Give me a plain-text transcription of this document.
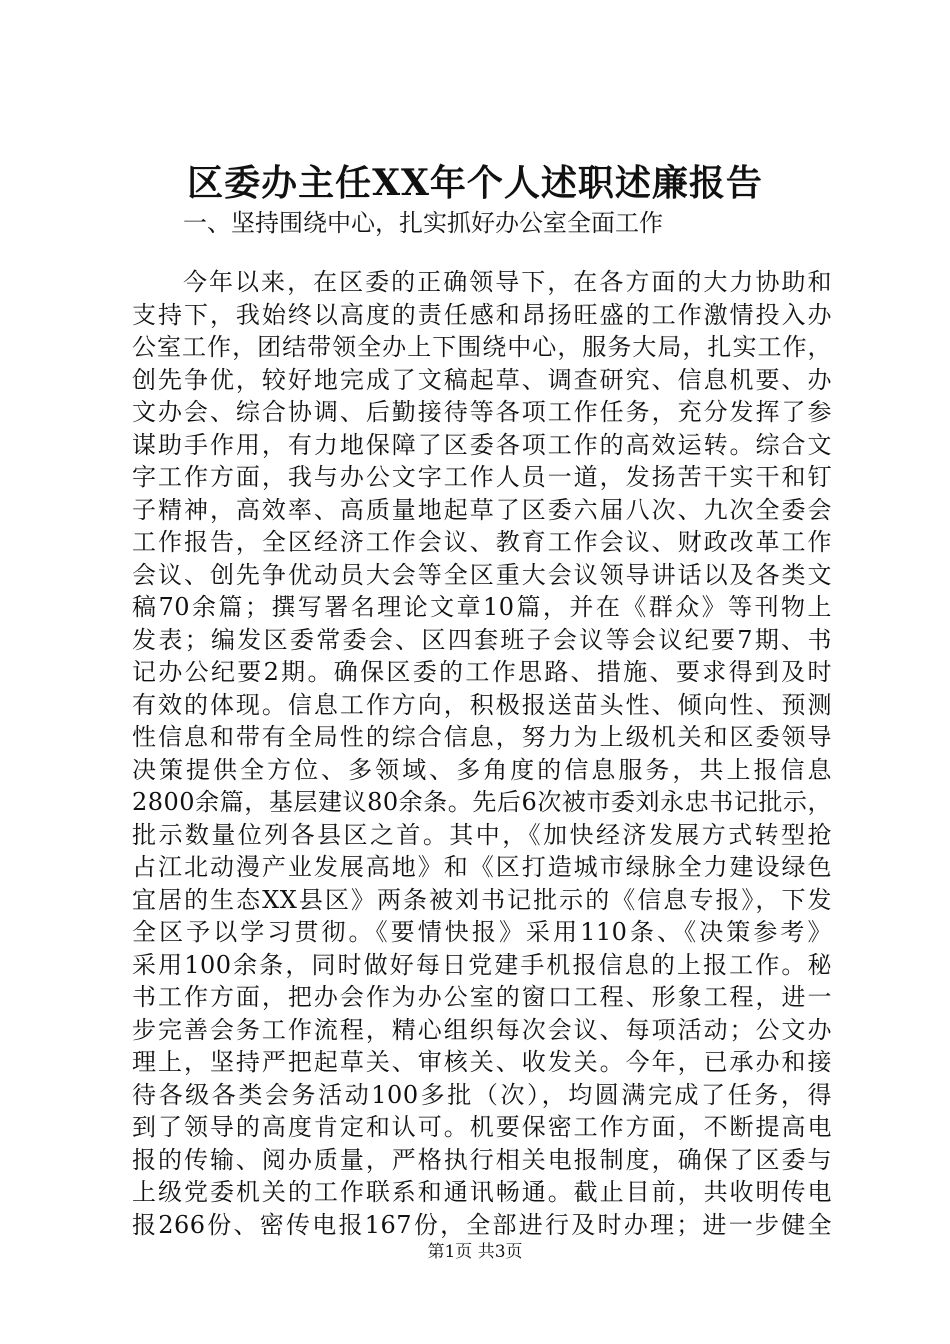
区委办主任XX年个人述职述廉报告

一、坚持围绕中心，扎实抓好办公室全面工作

今年以来，在区委的正确领导下，在各方面的大力协助和
支持下，我始终以高度的责任感和昂扬旺盛的工作激情投入办
公室工作，团结带领全办上下围绕中心，服务大局，扎实工作，
创先争优，较好地完成了文稿起草、调查研究、信息机要、办
文办会、综合协调、后勤接待等各项工作任务，充分发挥了参
谋助手作用，有力地保障了区委各项工作的高效运转。综合文
字工作方面，我与办公文字工作人员一道，发扬苦干实干和钉
子精神，高效率、高质量地起草了区委六届八次、九次全委会
工作报告，全区经济工作会议、教育工作会议、财政改革工作
会议、创先争优动员大会等全区重大会议领导讲话以及各类文
稿70余篇；撰写署名理论文章10篇，并在《群众》等刊物上
发表；编发区委常委会、区四套班子会议等会议纪要7期、书
记办公纪要2期。确保区委的工作思路、措施、要求得到及时
有效的体现。信息工作方向，积极报送苗头性、倾向性、预测
性信息和带有全局性的综合信息，努力为上级机关和区委领导
决策提供全方位、多领域、多角度的信息服务，共上报信息
2800余篇，基层建议80余条。先后6次被市委刘永忠书记批示，
批示数量位列各县区之首。其中，《加快经济发展方式转型抢
占江北动漫产业发展高地》和《区打造城市绿脉全力建设绿色
宜居的生态XX县区》两条被刘书记批示的《信息专报》，下发
全区予以学习贯彻。《要情快报》采用110条、《决策参考》
采用100余条，同时做好每日党建手机报信息的上报工作。秘
书工作方面，把办会作为办公室的窗口工程、形象工程，进一
步完善会务工作流程，精心组织每次会议、每项活动；公文办
理上，坚持严把起草关、审核关、收发关。今年，已承办和接
待各级各类会务活动100多批（次），均圆满完成了任务，得
到了领导的高度肯定和认可。机要保密工作方面，不断提高电
报的传输、阅办质量，严格执行相关电报制度，确保了区委与
上级党委机关的工作联系和通讯畅通。截止目前，共收明传电
报266份、密传电报167份，全部进行及时办理；进一步健全

第1页 共3页
